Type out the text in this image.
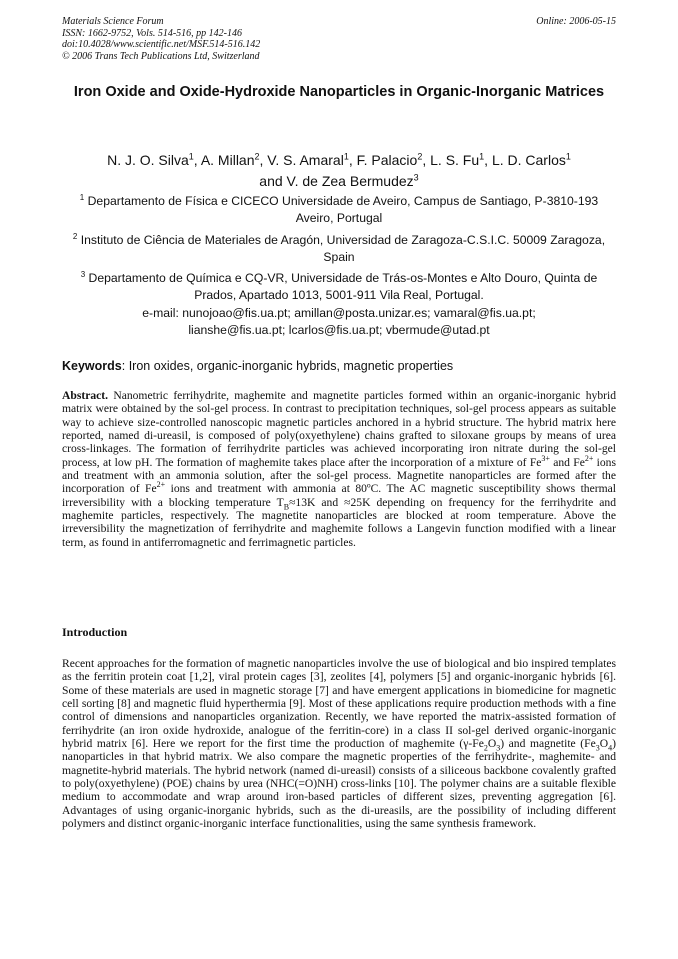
Materials Science Forum
ISSN: 1662-9752, Vols. 514-516, pp 142-146
doi:10.4028/www.scientific.net/MSF.514-516.142
© 2006 Trans Tech Publications Ltd, Switzerland
Online: 2006-05-15
Iron Oxide and Oxide-Hydroxide Nanoparticles in Organic-Inorganic Matrices
N. J. O. Silva$^1$, A. Millan$^2$, V. S. Amaral$^1$, F. Palacio$^2$, L. S. Fu$^1$, L. D. Carlos$^1$
and V. de Zea Bermudez$^3$
$^1$ Departamento de Física e CICECO Universidade de Aveiro, Campus de Santiago, P-3810-193 Aveiro, Portugal
$^2$ Instituto de Ciência de Materiales de Aragón, Universidad de Zaragoza-C.S.I.C. 50009 Zaragoza, Spain
$^3$ Departamento de Química e CQ-VR, Universidade de Trás-os-Montes e Alto Douro, Quinta de Prados, Apartado 1013, 5001-911 Vila Real, Portugal.
e-mail: nunojoao@fis.ua.pt; amillan@posta.unizar.es; vamaral@fis.ua.pt;
lianshe@fis.ua.pt; lcarlos@fis.ua.pt; vbermude@utad.pt
Keywords: Iron oxides, organic-inorganic hybrids, magnetic properties
Abstract. Nanometric ferrihydrite, maghemite and magnetite particles formed within an organic-inorganic hybrid matrix were obtained by the sol-gel process. In contrast to precipitation techniques, sol-gel process appears as suitable way to achieve size-controlled nanoscopic magnetic particles anchored in a hybrid structure. The hybrid matrix here reported, named di-ureasil, is composed of poly(oxyethylene) chains grafted to siloxane groups by means of urea cross-linkages. The formation of ferrihydrite particles was achieved incorporating iron nitrate during the sol-gel process, at low pH. The formation of maghemite takes place after the incorporation of a mixture of $Fe^{3+}$ and $Fe^{2+}$ ions and treatment with an ammonia solution, after the sol-gel process. Magnetite nanoparticles are formed after the incorporation of $Fe^{2+}$ ions and treatment with ammonia at 80ºC. The AC magnetic susceptibility shows thermal irreversibility with a blocking temperature $T_B\approx 13K$ and ≈25K depending on frequency for the ferrihydrite and maghemite particles, respectively. The magnetite nanoparticles are blocked at room temperature. Above the irreversibility the magnetization of ferrihydrite and maghemite follows a Langevin function modified with a linear term, as found in antiferromagnetic and ferrimagnetic particles.
Introduction
Recent approaches for the formation of magnetic nanoparticles involve the use of biological and bio inspired templates as the ferritin protein coat [1,2], viral protein cages [3], zeolites [4], polymers [5] and organic-inorganic hybrids [6]. Some of these materials are used in magnetic storage [7] and have emergent applications in biomedicine for magnetic cell sorting [8] and magnetic fluid hyperthermia [9]. Most of these applications require production methods with a fine control of dimensions and nanoparticles organization. Recently, we have reported the matrix-assisted formation of ferrihydrite (an iron oxide hydroxide, analogue of the ferritin-core) in a class II sol-gel derived organic-inorganic hybrid matrix [6]. Here we report for the first time the production of maghemite $(\gamma-Fe_2O_3)$ and magnetite $(Fe_3O_4)$ nanoparticles in that hybrid matrix. We also compare the magnetic properties of the ferrihydrite-, maghemite- and magnetite-hybrid materials. The hybrid network (named di-ureasil) consists of a siliceous backbone covalently grafted to poly(oxyethylene) (POE) chains by urea (NHC(=O)NH) cross-links [10]. The polymer chains are a suitable flexible medium to accommodate and wrap around iron-based particles of different sizes, preventing aggregation [6]. Advantages of using organic-inorganic hybrids, such as the di-ureasils, are the possibility of including different polymers and distinct organic-inorganic interface functionalities, using the same synthesis framework.
